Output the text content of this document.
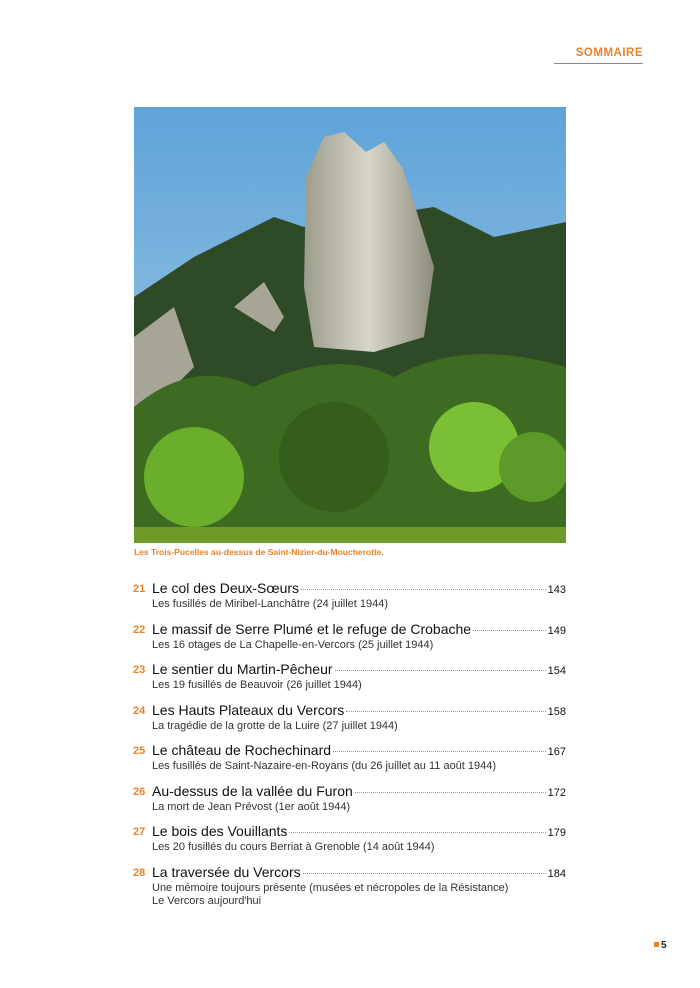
SOMMAIRE
Les Trois-Pucelles au-dessus de Saint-Nizier-du-Moucherotte.
21 Le col des Deux-Sœurs	143
Les fusillés de Miribel-Lanchâtre (24 juillet 1944)
22 Le massif de Serre Plumé et le refuge de Crobache	149
Les 16 otages de La Chapelle-en-Vercors (25 juillet 1944)
23 Le sentier du Martin-Pêcheur	154
Les 19 fusillés de Beauvoir (26 juillet 1944)
24 Les Hauts Plateaux du Vercors	158
La tragédie de la grotte de la Luire (27 juillet 1944)
25 Le château de Rochechinard	167
Les fusillés de Saint-Nazaire-en-Royans (du 26 juillet au 11 août 1944)
26 Au-dessus de la vallée du Furon	172
La mort de Jean Prévost (1er août 1944)
27 Le bois des Vouillants	179
Les 20 fusillés du cours Berriat à Grenoble (14 août 1944)
28 La traversée du Vercors	184
Une mémoire toujours présente (musées et nécropoles de la Résistance)
Le Vercors aujourd'hui
5
